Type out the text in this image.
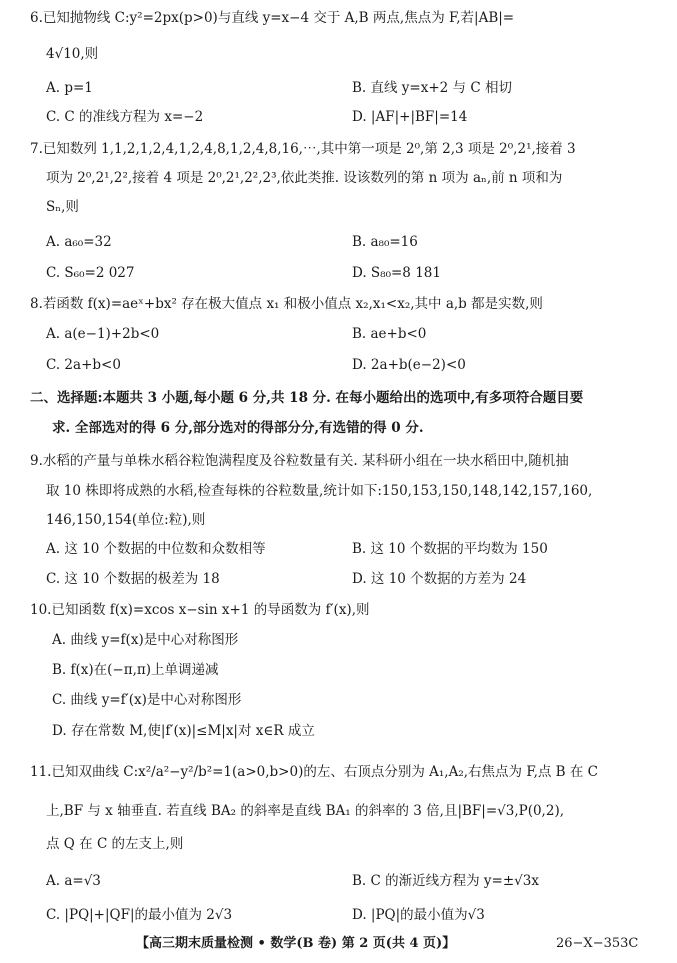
6.已知抛物线 C:y²=2px(p>0)与直线 y=x−4 交于 A,B 两点,焦点为 F,若|AB|=
4√10,则
A. p=1	B. 直线 y=x+2 与 C 相切
C. C 的准线方程为 x=−2	D. |AF|+|BF|=14
7.已知数列 1,1,2,1,2,4,1,2,4,8,1,2,4,8,16,⋯,其中第一项是 2⁰,第 2,3 项是 2⁰,2¹,接着 3
项为 2⁰,2¹,2²,接着 4 项是 2⁰,2¹,2²,2³,依此类推. 设该数列的第 n 项为 aₙ,前 n 项和为
Sₙ,则
A. a₆₀=32	B. a₈₀=16
C. S₆₀=2 027	D. S₈₀=8 181
8.若函数 f(x)=aeˣ+bx² 存在极大值点 x₁ 和极小值点 x₂,x₁<x₂,其中 a,b 都是实数,则
A. a(e−1)+2b<0	B. ae+b<0
C. 2a+b<0	D. 2a+b(e−2)<0
二、选择题:本题共 3 小题,每小题 6 分,共 18 分. 在每小题给出的选项中,有多项符合题目要
求. 全部选对的得 6 分,部分选对的得部分分,有选错的得 0 分.
9.水稻的产量与单株水稻谷粒饱满程度及谷粒数量有关. 某科研小组在一块水稻田中,随机抽
取 10 株即将成熟的水稻,检查每株的谷粒数量,统计如下:150,153,150,148,142,157,160,
146,150,154(单位:粒),则
A. 这 10 个数据的中位数和众数相等	B. 这 10 个数据的平均数为 150
C. 这 10 个数据的极差为 18	D. 这 10 个数据的方差为 24
10.已知函数 f(x)=xcos x−sin x+1 的导函数为 f′(x),则
A. 曲线 y=f(x)是中心对称图形
B. f(x)在(−π,π)上单调递减
C. 曲线 y=f′(x)是中心对称图形
D. 存在常数 M,使|f′(x)|≤M|x|对 x∈R 成立
11.已知双曲线 C:x²/a²−y²/b²=1(a>0,b>0)的左、右顶点分别为 A₁,A₂,右焦点为 F,点 B 在 C
上,BF 与 x 轴垂直. 若直线 BA₂ 的斜率是直线 BA₁ 的斜率的 3 倍,且|BF|=√3,P(0,2),
点 Q 在 C 的左支上,则
A. a=√3	B. C 的渐近线方程为 y=±√3x
C. |PQ|+|QF|的最小值为 2√3	D. |PQ|的最小值为√3
【高三期末质量检测 • 数学(B 卷) 第 2 页(共 4 页)】	26−X−353C
